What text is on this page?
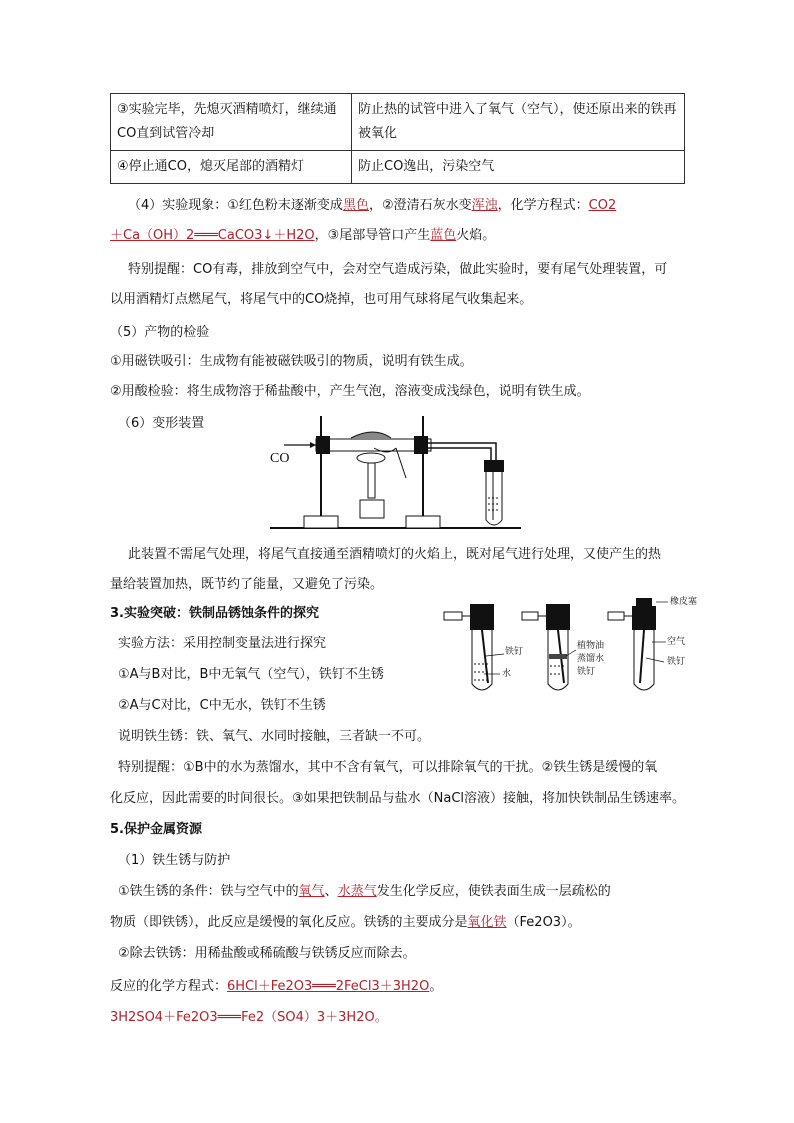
③实验完毕，先熄灭酒精喷灯，继续通CO直到试管冷却	防止热的试管中进入了氧气（空气），使还原出来的铁再被氧化
④停止通CO，熄灭尾部的酒精灯	防止CO逸出，污染空气
（4）实验现象：①红色粉末逐渐变成黑色，②澄清石灰水变浑浊，化学方程式：CO2
＋Ca（OH）2═══CaCO3↓＋H2O，③尾部导管口产生蓝色火焰。
特别提醒：CO有毒，排放到空气中，会对空气造成污染，做此实验时，要有尾气处理装置，可
以用酒精灯点燃尾气，将尾气中的CO烧掉，也可用气球将尾气收集起来。
（5）产物的检验
①用磁铁吸引：生成物有能被磁铁吸引的物质，说明有铁生成。
②用酸检验：将生成物溶于稀盐酸中，产生气泡，溶液变成浅绿色，说明有铁生成。
（6）变形装置
CO
此装置不需尾气处理，将尾气直接通至酒精喷灯的火焰上，既对尾气进行处理，又使产生的热
量给装置加热，既节约了能量，又避免了污染。
3.实验突破：铁制品锈蚀条件的探究
实验方法：采用控制变量法进行探究
①A与B对比，B中无氧气（空气），铁钉不生锈
②A与C对比，C中无水，铁钉不生锈
说明铁生锈：铁、氧气、水同时接触，三者缺一不可。
铁钉
水
植物油
蒸馏水
铁钉
橡皮塞
空气
铁钉
特别提醒：①B中的水为蒸馏水，其中不含有氧气，可以排除氧气的干扰。②铁生锈是缓慢的氧
化反应，因此需要的时间很长。③如果把铁制品与盐水（NaCl溶液）接触，将加快铁制品生锈速率。
5.保护金属资源
（1）铁生锈与防护
①铁生锈的条件：铁与空气中的氧气、水蒸气发生化学反应，使铁表面生成一层疏松的
物质（即铁锈），此反应是缓慢的氧化反应。铁锈的主要成分是氧化铁（Fe2O3）。
②除去铁锈：用稀盐酸或稀硫酸与铁锈反应而除去。
反应的化学方程式：6HCl＋Fe2O3═══2FeCl3＋3H2O。
3H2SO4＋Fe2O3═══Fe2（SO4）3＋3H2O。
